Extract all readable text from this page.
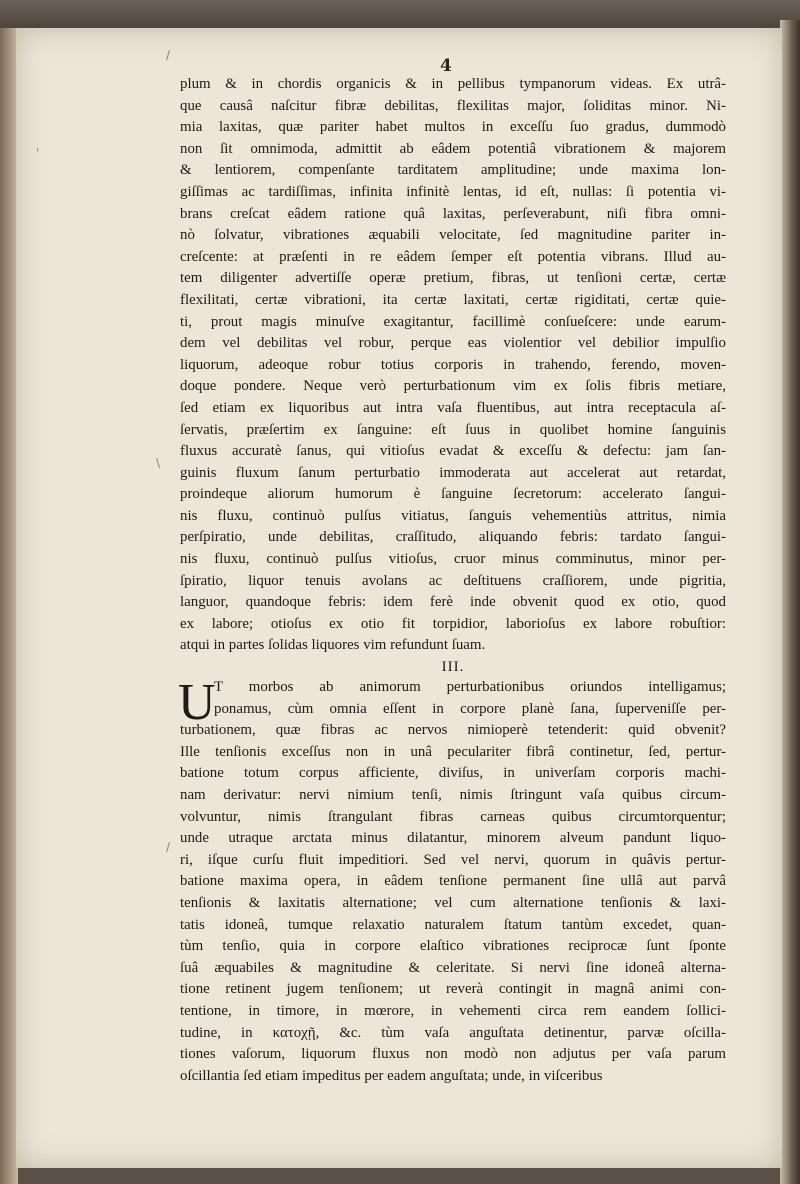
4
/
'
\
/
plum & in chordis organicis & in pellibus tympanorum videas. Ex utrâ-
que causâ naſcitur fibræ debilitas, flexilitas major, ſoliditas minor. Ni-
mia laxitas, quæ pariter habet multos in exceſſu ſuo gradus, dummodò
non ſit omnimoda, admittit ab eâdem potentiâ vibrationem & majorem
& lentiorem, compenſante tarditatem amplitudine; unde maxima lon-
giſſimas ac tardiſſimas, infinita infinitè lentas, id eſt, nullas: ſi potentia vi-
brans creſcat eâdem ratione quâ laxitas, perſeverabunt, niſi fibra omni-
nò ſolvatur, vibrationes æquabili velocitate, ſed magnitudine pariter in-
creſcente: at præſenti in re eâdem ſemper eſt potentia vibrans. Illud au-
tem diligenter advertiſſe operæ pretium, fibras, ut tenſioni certæ, certæ
flexilitati, certæ vibrationi, ita certæ laxitati, certæ rigiditati, certæ quie-
ti, prout magis minuſve exagitantur, facillimè conſueſcere: unde earum-
dem vel debilitas vel robur, perque eas violentior vel debilior impulſio
liquorum, adeoque robur totius corporis in trahendo, ferendo, moven-
doque pondere. Neque verò perturbationum vim ex ſolis fibris metiare,
ſed etiam ex liquoribus aut intra vaſa fluentibus, aut intra receptacula aſ-
ſervatis, præſertim ex ſanguine: eſt ſuus in quolibet homine ſanguinis
fluxus accuratè ſanus, qui vitioſus evadat & exceſſu & defectu: jam ſan-
guinis fluxum ſanum perturbatio immoderata aut accelerat aut retardat,
proindeque aliorum humorum è ſanguine ſecretorum: accelerato ſangui-
nis fluxu, continuò pulſus vitiatus, ſanguis vehementiùs attritus, nimia
perſpiratio, unde debilitas, craſſitudo, aliquando febris: tardato ſangui-
nis fluxu, continuò pulſus vitioſus, cruor minus comminutus, minor per-
ſpiratio, liquor tenuis avolans ac deſtituens craſſiorem, unde pigritia,
languor, quandoque febris: idem ferè inde obvenit quod ex otio, quod
ex labore; otioſus ex otio fit torpidior, laborioſus ex labore robuſtior:
atqui in partes ſolidas liquores vim refundunt ſuam.
III.
U
T morbos ab animorum perturbationibus oriundos intelligamus;
ponamus, cùm omnia eſſent in corpore planè ſana, ſuperveniſſe per-
turbationem, quæ fibras ac nervos nimioperè tetenderit: quid obvenit?
Ille tenſionis exceſſus non in unâ peculariter fibrâ continetur, ſed, pertur-
batione totum corpus afficiente, diviſus, in univerſam corporis machi-
nam derivatur: nervi nimium tenſi, nimis ſtringunt vaſa quibus circum-
volvuntur, nimis ſtrangulant fibras carneas quibus circumtorquentur;
unde utraque arctata minus dilatantur, minorem alveum pandunt liquo-
ri, iſque curſu fluit impeditiori. Sed vel nervi, quorum in quâvis pertur-
batione maxima opera, in eâdem tenſione permanent ſine ullâ aut parvâ
tenſionis & laxitatis alternatione; vel cum alternatione tenſionis & laxi-
tatis idoneâ, tumque relaxatio naturalem ſtatum tantùm excedet, quan-
tùm tenſio, quia in corpore elaſtico vibrationes reciprocæ ſunt ſponte
ſuâ æquabiles & magnitudine & celeritate. Si nervi ſine idoneâ alterna-
tione retinent jugem tenſionem; ut reverà contingit in magnâ animi con-
tentione, in timore, in mœrore, in vehementi circa rem eandem ſollici-
tudine, in κατοχῇ, &c. tùm vaſa anguſtata detinentur, parvæ oſcilla-
tiones vaſorum, liquorum fluxus non modò non adjutus per vaſa parum
oſcillantia ſed etiam impeditus per eadem anguſtata; unde, in viſceribus
